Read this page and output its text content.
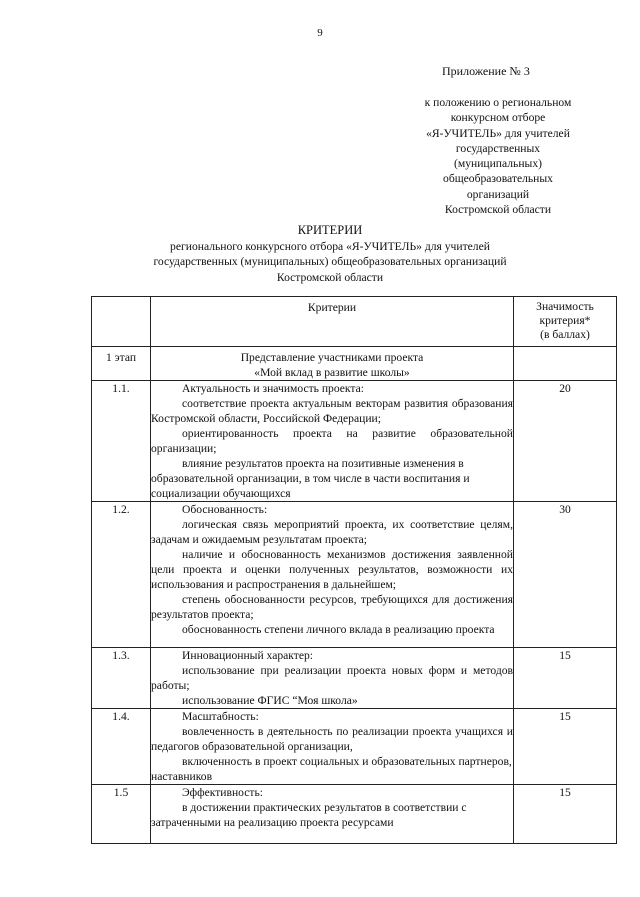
9
Приложение № 3
к положению о региональном
конкурсном отборе
«Я-УЧИТЕЛЬ» для учителей
государственных
(муниципальных)
общеобразовательных
организаций
Костромской области
КРИТЕРИИ
регионального конкурсного отбора «Я-УЧИТЕЛЬ» для учителей
государственных (муниципальных) общеобразовательных организаций
Костромской области
	Критерии	Значимость
критерия*
(в баллах)

1 этап	Представление участниками проекта
«Мой вклад в развитие школы»	

1.1.	Актуальность и значимость проекта:

соответствие проекта актуальным векторам развития образования Костромской области, Российской Федерации;

ориентированность проекта на развитие образовательной организации;

влияние результатов проекта на позитивные изменения в образовательной организации, в том числе в части воспитания и социализации обучающихся	20
1.2.	Обоснованность:

логическая связь мероприятий проекта, их соответствие целям, задачам и ожидаемым результатам проекта;

наличие и обоснованность механизмов достижения заявленной цели проекта и оценки полученных результатов, возможности их использования и распространения в дальнейшем;

степень обоснованности ресурсов, требующихся для достижения результатов проекта;

обоснованность степени личного вклада в реализацию проекта	30
1.3.	Инновационный характер:

использование при реализации проекта новых форм и методов работы;

использование ФГИС “Моя школа»	15
1.4.	Масштабность:

вовлеченность в деятельность по реализации проекта учащихся и педагогов образовательной организации,

включенность в проект социальных и образовательных партнеров, наставников	15
1.5	Эффективность:

в достижении практических результатов в соответствии с затраченными на реализацию проекта ресурсами	15
